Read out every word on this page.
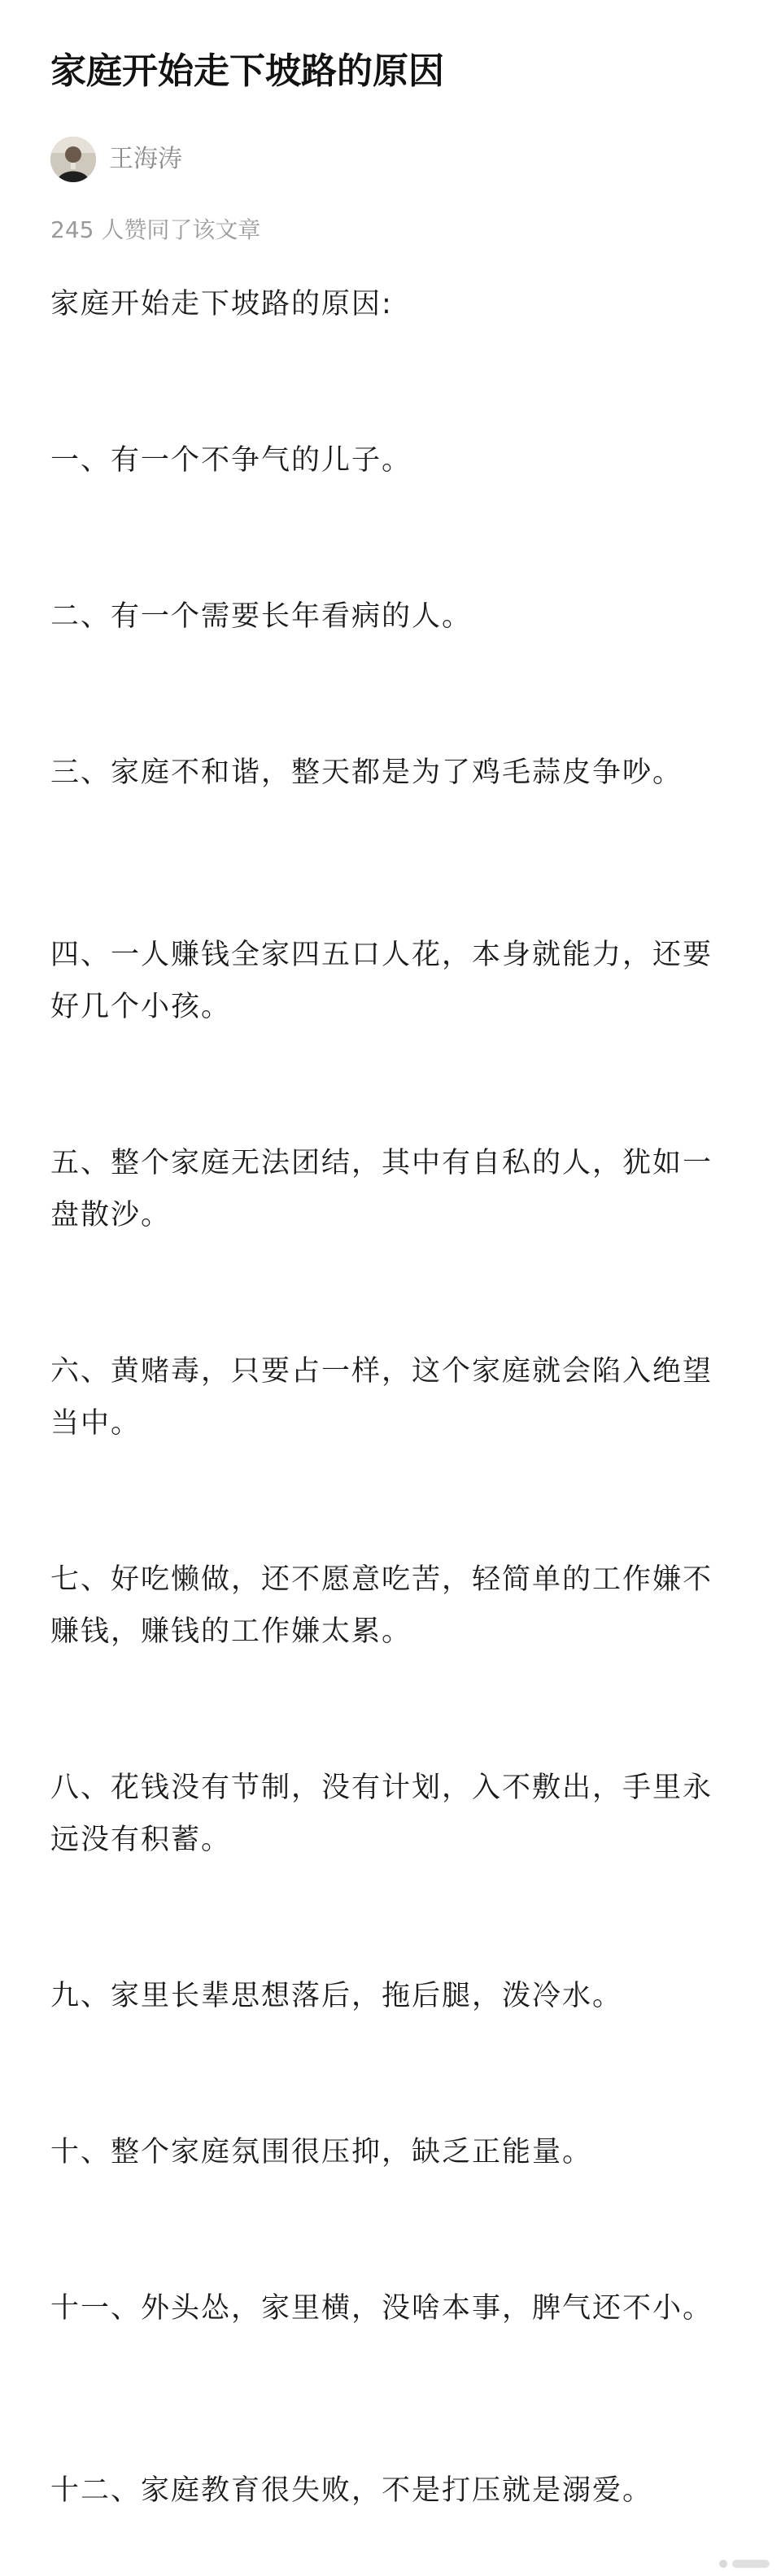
家庭开始走下坡路的原因
王海涛
245 人赞同了该文章
家庭开始走下坡路的原因:
一、有一个不争气的儿子。
二、有一个需要长年看病的人。
三、家庭不和谐，整天都是为了鸡毛蒜皮争吵。
四、一人赚钱全家四五口人花，本身就能力，还要好几个小孩。
五、整个家庭无法团结，其中有自私的人，犹如一盘散沙。
六、黄赌毒，只要占一样，这个家庭就会陷入绝望当中。
七、好吃懒做，还不愿意吃苦，轻简单的工作嫌不赚钱，赚钱的工作嫌太累。
八、花钱没有节制，没有计划，入不敷出，手里永远没有积蓄。
九、家里长辈思想落后，拖后腿，泼冷水。
十、整个家庭氛围很压抑，缺乏正能量。
十一、外头怂，家里横，没啥本事，脾气还不小。
十二、家庭教育很失败，不是打压就是溺爱。
